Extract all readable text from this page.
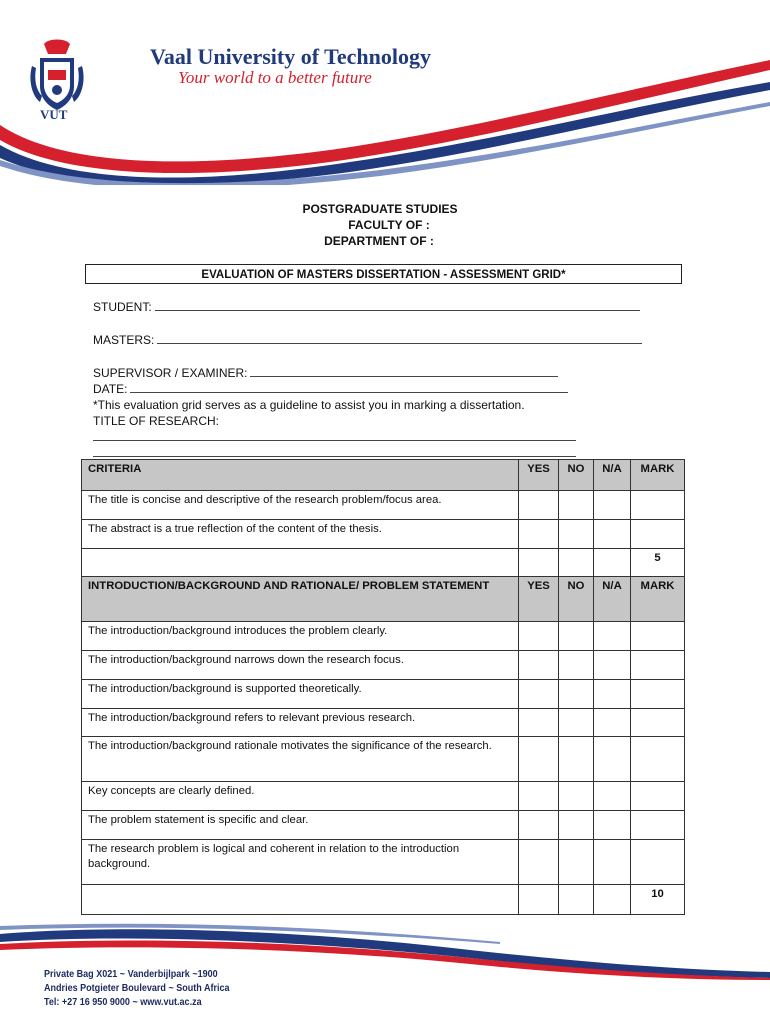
VUT
Vaal University of Technology
Your world to a better future
POSTGRADUATE STUDIES
FACULTY OF :
DEPARTMENT OF :
EVALUATION OF MASTERS DISSERTATION - ASSESSMENT GRID*
STUDENT:
MASTERS:
SUPERVISOR / EXAMINER:
DATE:
*This evaluation grid serves as a guideline to assist you in marking a dissertation.
TITLE OF RESEARCH:
CRITERIA	YES	NO	N/A	MARK
The title is concise and descriptive of the research problem/focus area.				
The abstract is a true reflection of the content of the thesis.				
				5
INTRODUCTION/BACKGROUND AND RATIONALE/ PROBLEM STATEMENT	YES	NO	N/A	MARK
The introduction/background introduces the problem clearly.				
The introduction/background narrows down the research focus.				
The introduction/background is supported theoretically.				
The introduction/background refers to relevant previous research.				
The introduction/background rationale motivates the significance of the research.				
Key concepts are clearly defined.				
The problem statement is specific and clear.				
The research problem is logical and coherent in relation to the introduction background.				
				10
Private Bag X021 ~ Vanderbijlpark ~1900
Andries Potgieter Boulevard ~ South Africa
Tel: +27 16 950 9000 ~ www.vut.ac.za
